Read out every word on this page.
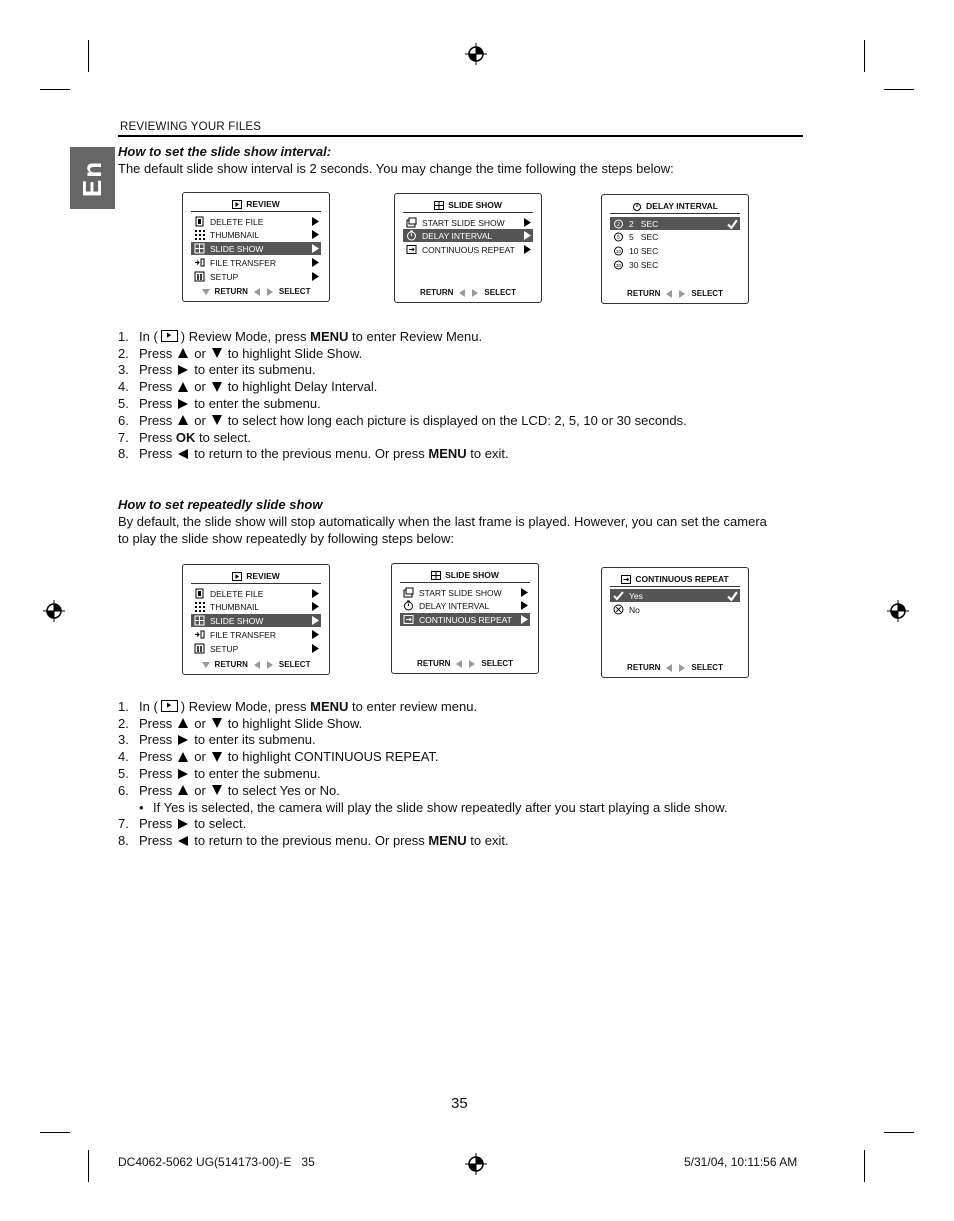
REVIEWING YOUR FILES
En
How to set the slide show interval:
The default slide show interval is 2 seconds. You may change the time following the steps below:
REVIEW
DELETE FILE
THUMBNAIL
SLIDE SHOW
FILE TRANSFER
SETUP
RETURN	SELECT
SLIDE SHOW
START SLIDE SHOW
DELAY INTERVAL
CONTINUOUS REPEAT
RETURN	SELECT
DELAY INTERVAL
2 2   SEC
5 5   SEC
10 10 SEC
30 30 SEC
RETURN	SELECT
1. In ( ) Review Mode, press
MENU
to enter Review Menu.
2. Press or to highlight Slide Show.
3. Press to enter its submenu.
4. Press or to highlight Delay Interval.
5. Press to enter the submenu.
6. Press or to select how long each picture is displayed on the LCD: 2, 5, 10 or 30 seconds.
7. Press
OK
to select.
8. Press to return to the previous menu. Or press
MENU
to exit.
How to set repeatedly slide show
By default, the slide show will stop automatically when the last frame is played. However, you can set the camera to play the slide show repeatedly by following steps below:
REVIEW
DELETE FILE
THUMBNAIL
SLIDE SHOW
FILE TRANSFER
SETUP
RETURN	SELECT
SLIDE SHOW
START SLIDE SHOW
DELAY INTERVAL
CONTINUOUS REPEAT
RETURN	SELECT
CONTINUOUS REPEAT
Yes
No
RETURN	SELECT
1. In ( ) Review Mode, press
MENU
to enter review menu.
2. Press or to highlight Slide Show.
3. Press to enter its submenu.
4. Press or to highlight CONTINUOUS REPEAT.
5. Press to enter the submenu.
6. Press or to select Yes or No.
• If Yes is selected, the camera will play the slide show repeatedly after you start playing a slide show.
7. Press to select.
8. Press to return to the previous menu. Or press
MENU
to exit.
35
DC4062-5062 UG(514173-00)-E   35	5/31/04, 10:11:56 AM
